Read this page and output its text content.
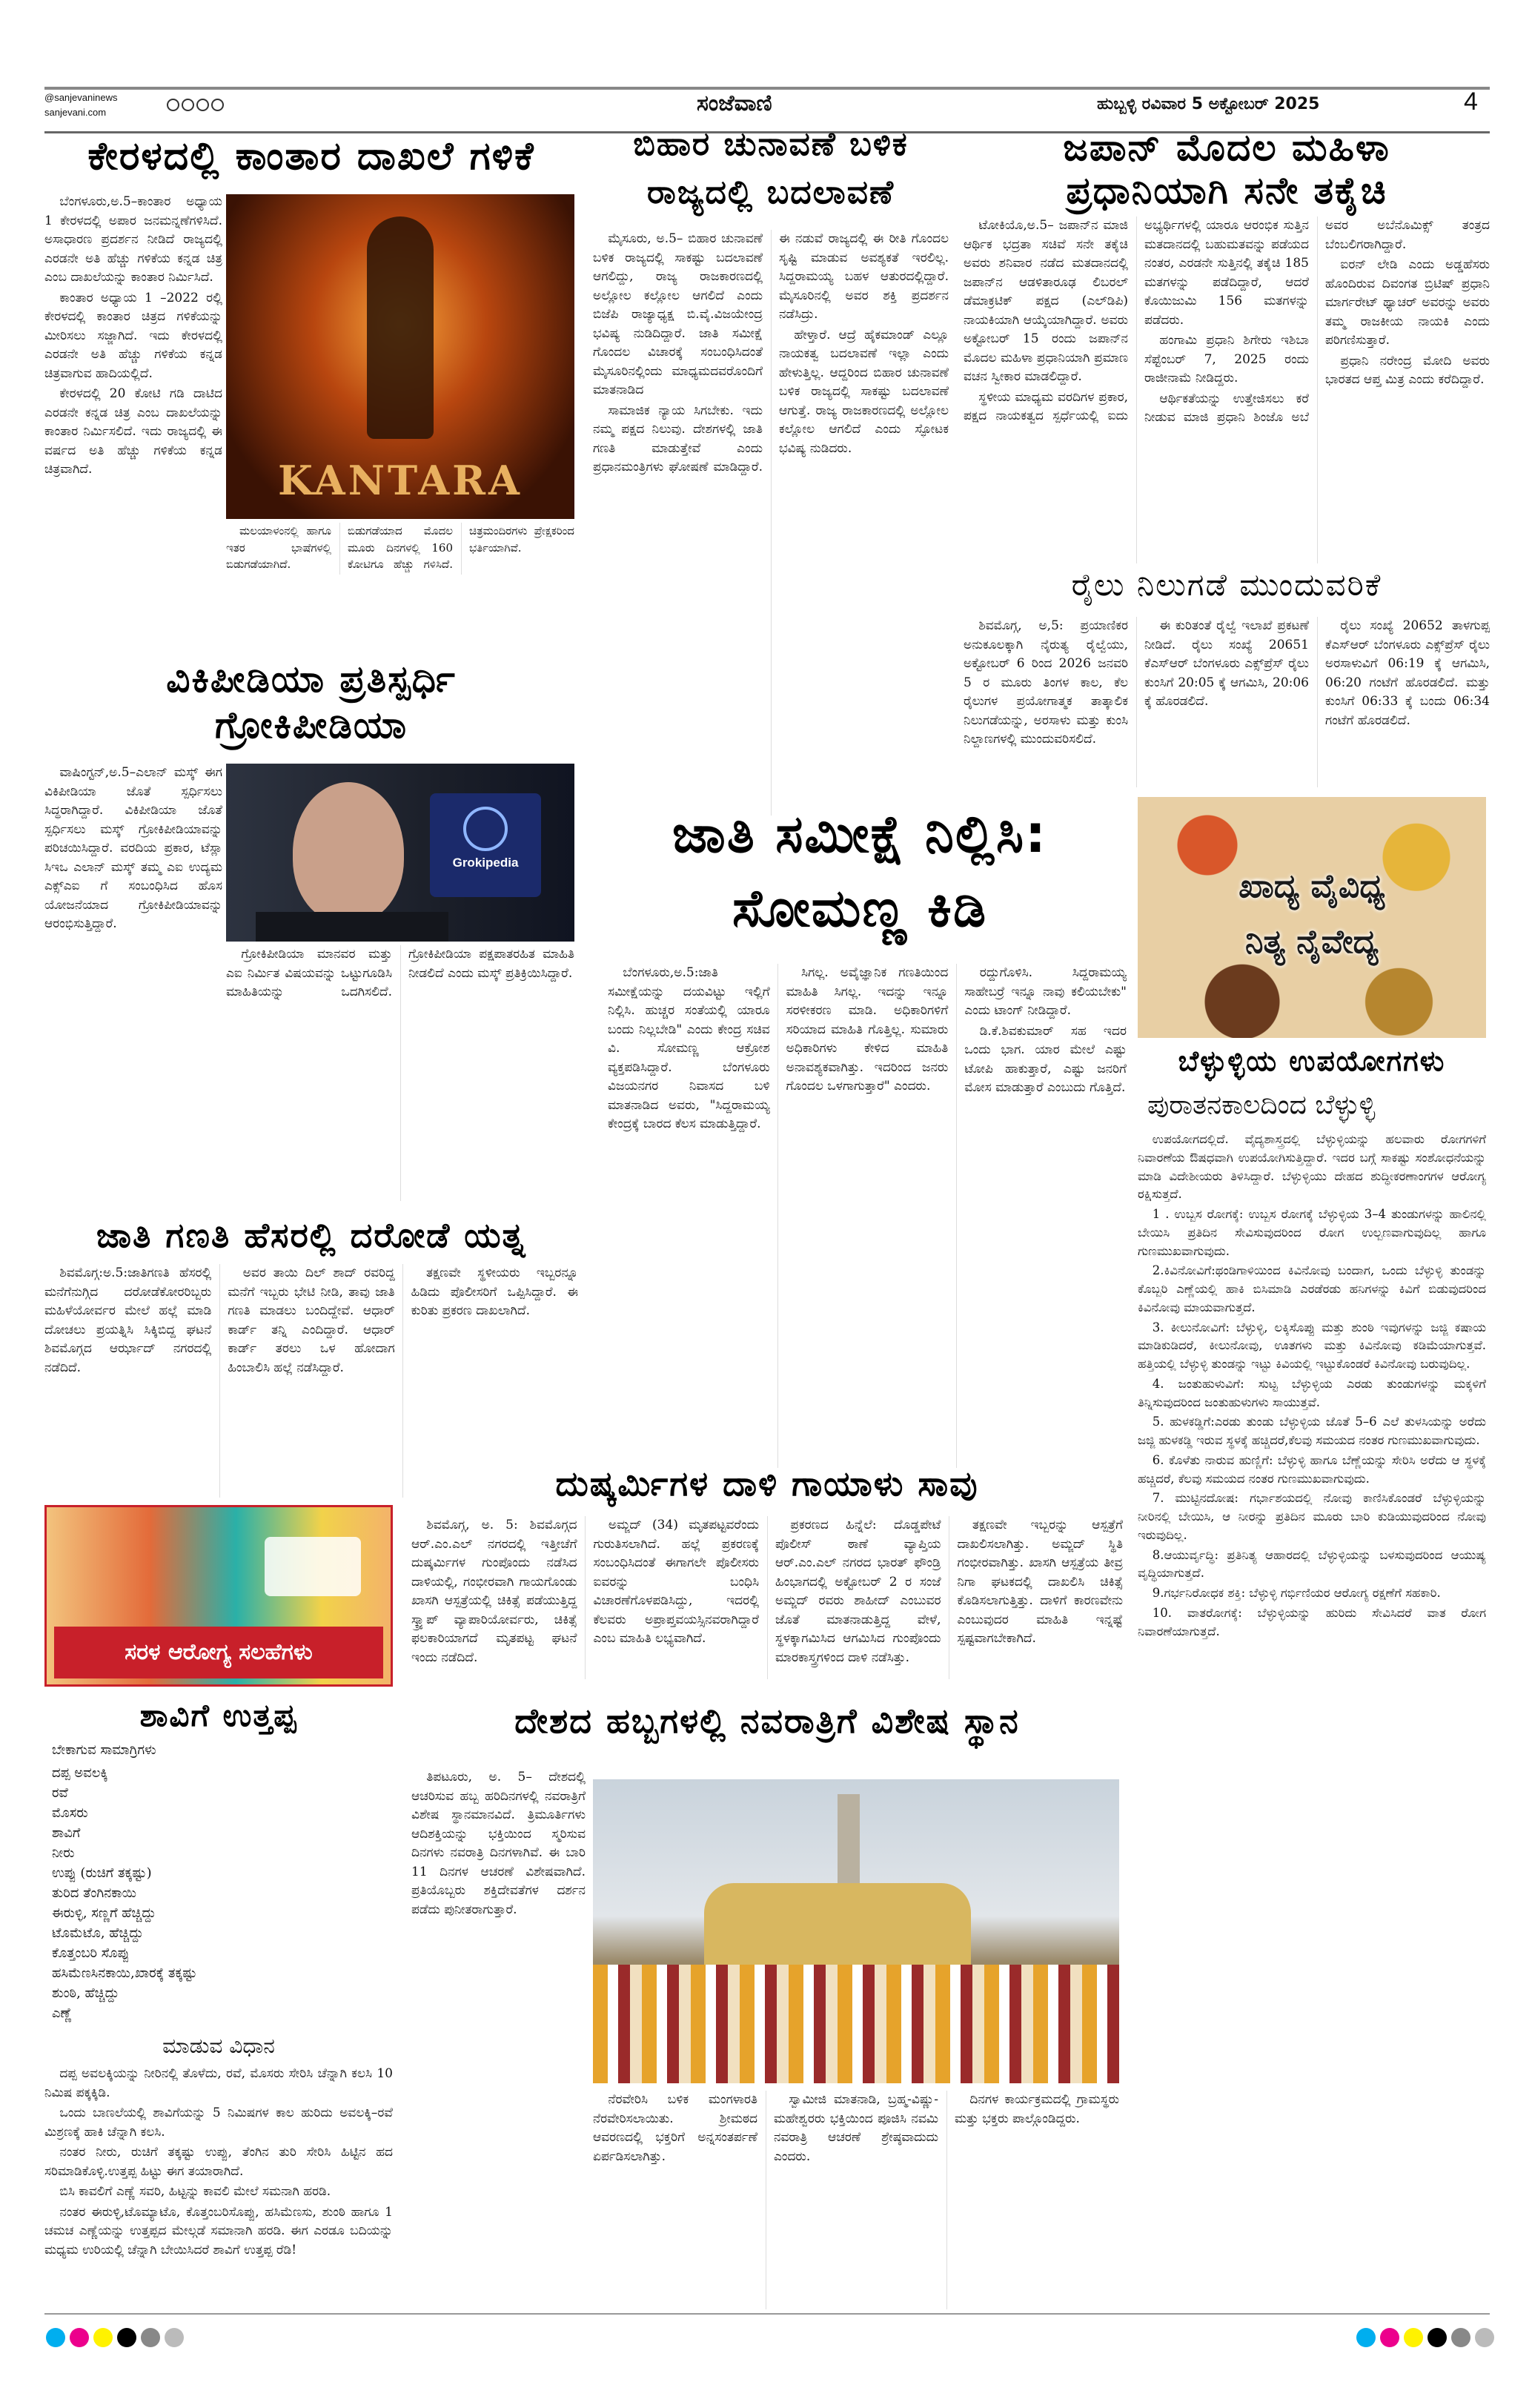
@sanjevaninews
sanjevani.com	ಸಂಜೆವಾಣಿ	ಹುಬ್ಬಳ್ಳಿ ರವಿವಾರ 5 ಅಕ್ಟೋಬರ್ 2025	4
ಕೇರಳದಲ್ಲಿ ಕಾಂತಾರ ದಾಖಲೆ ಗಳಿಕೆ

ಬೆಂಗಳೂರು,ಅ.5–ಕಾಂತಾರ ಅಧ್ಯಾಯ 1 ಕೇರಳದಲ್ಲಿ ಅಪಾರ ಜನಮನ್ನಣೆಗಳಿಸಿದೆ. ಅಸಾಧಾರಣ ಪ್ರದರ್ಶನ ನೀಡಿದೆ ರಾಜ್ಯದಲ್ಲಿ ಎರಡನೇ ಅತಿ ಹೆಚ್ಚು ಗಳಿಕೆಯ ಕನ್ನಡ ಚಿತ್ರ ಎಂಬ ದಾಖಲೆಯನ್ನು ಕಾಂತಾರ ನಿರ್ಮಿಸಿದೆ.

ಕಾಂತಾರ ಅಧ್ಯಾಯ 1 –2022 ರಲ್ಲಿ ಕೇರಳದಲ್ಲಿ ಕಾಂತಾರ ಚಿತ್ರದ ಗಳಿಕೆಯನ್ನು ಮೀರಿಸಲು ಸಜ್ಜಾಗಿದೆ. ಇದು ಕೇರಳದಲ್ಲಿ ಎರಡನೇ ಅತಿ ಹೆಚ್ಚು ಗಳಿಕೆಯ ಕನ್ನಡ ಚಿತ್ರವಾಗುವ ಹಾದಿಯಲ್ಲಿದೆ.

ಕೇರಳದಲ್ಲಿ 20 ಕೋಟಿ ಗಡಿ ದಾಟಿದ ಎರಡನೇ ಕನ್ನಡ ಚಿತ್ರ ಎಂಬ ದಾಖಲೆಯನ್ನು ಕಾಂತಾರ ನಿರ್ಮಿಸಲಿದೆ. ಇದು ರಾಜ್ಯದಲ್ಲಿ ಈ ವರ್ಷದ ಅತಿ ಹೆಚ್ಚು ಗಳಿಕೆಯ ಕನ್ನಡ ಚಿತ್ರವಾಗಿದೆ.	KANTARA

ಮಲಯಾಳಂನಲ್ಲಿ ಹಾಗೂ ಇತರ ಭಾಷೆಗಳಲ್ಲಿ ಬಿಡುಗಡೆಯಾಗಿದೆ. ಬಿಡುಗಡೆಯಾದ ಮೊದಲ ಮೂರು ದಿನಗಳಲ್ಲಿ 160 ಕೋಟಿಗೂ ಹೆಚ್ಚು ಗಳಿಸಿದೆ. ಚಿತ್ರಮಂದಿರಗಳು ಪ್ರೇಕ್ಷಕರಿಂದ ಭರ್ತಿಯಾಗಿವೆ.

ವಿಕಿಪೀಡಿಯಾ ಪ್ರತಿಸ್ಪರ್ಧಿ
ಗ್ರೋಕಿಪೀಡಿಯಾ

ವಾಷಿಂಗ್ಟನ್,ಅ.5–ಎಲಾನ್ ಮಸ್ಕ್ ಈಗ ವಿಕಿಪೀಡಿಯಾ ಜೊತೆ ಸ್ಪರ್ಧಿಸಲು ಸಿದ್ಧರಾಗಿದ್ದಾರೆ. ವಿಕಿಪೀಡಿಯಾ ಜೊತೆ ಸ್ಪರ್ಧಿಸಲು ಮಸ್ಕ್ ಗ್ರೋಕಿಪೀಡಿಯಾವನ್ನು ಪರಿಚಯಿಸಿದ್ದಾರೆ. ವರದಿಯ ಪ್ರಕಾರ, ಟೆಸ್ಲಾ ಸಿಇಒ ಎಲಾನ್ ಮಸ್ಕ್ ತಮ್ಮ ಎಐ ಉದ್ಯಮ ಎಕ್ಸ್‌ಎಐ ಗೆ ಸಂಬಂಧಿಸಿದ ಹೊಸ ಯೋಜನೆಯಾದ ಗ್ರೋಕಿಪೀಡಿಯಾವನ್ನು ಆರಂಭಿಸುತ್ತಿದ್ದಾರೆ.

Grokipedia

ಗ್ರೋಕಿಪೀಡಿಯಾ ಮಾನವರ ಮತ್ತು ಎಐ ನಿರ್ಮಿತ ವಿಷಯವನ್ನು ಒಟ್ಟುಗೂಡಿಸಿ ಮಾಹಿತಿಯನ್ನು ಒದಗಿಸಲಿದೆ. ಗ್ರೋಕಿಪೀಡಿಯಾ ಪಕ್ಷಪಾತರಹಿತ ಮಾಹಿತಿ ನೀಡಲಿದೆ ಎಂದು ಮಸ್ಕ್ ಪ್ರತಿಕ್ರಿಯಿಸಿದ್ದಾರೆ.

ಜಾತಿ ಗಣತಿ ಹೆಸರಲ್ಲಿ ದರೋಡೆ ಯತ್ನ

ಶಿವಮೊಗ್ಗ:ಅ.5:ಜಾತಿಗಣತಿ ಹೆಸರಲ್ಲಿ ಮನೆಗೆನುಗ್ಗಿದ ದರೋಡೆಕೋರರಿಬ್ಬರು ಮಹಿಳೆಯೋರ್ವರ ಮೇಲೆ ಹಲ್ಲೆ ಮಾಡಿ ದೋಚಲು ಪ್ರಯತ್ನಿಸಿ ಸಿಕ್ಕಿಬಿದ್ದ ಘಟನೆ ಶಿವಮೊಗ್ಗದ ಆರ್ಝಾದ್ ನಗರದಲ್ಲಿ ನಡೆದಿದೆ.

ಅವರ ತಾಯಿ ದಿಲ್ ಶಾದ್ ರವರಿದ್ದ ಮನೆಗೆ ಇಬ್ಬರು ಭೇಟಿ ನೀಡಿ, ತಾವು ಜಾತಿ ಗಣತಿ ಮಾಡಲು ಬಂದಿದ್ದೇವೆ. ಆಧಾರ್ ಕಾರ್ಡ್ ತನ್ನಿ ಎಂದಿದ್ದಾರೆ. ಆಧಾರ್ ಕಾರ್ಡ್ ತರಲು ಒಳ ಹೋದಾಗ ಹಿಂಬಾಲಿಸಿ ಹಲ್ಲೆ ನಡೆಸಿದ್ದಾರೆ.

ತಕ್ಷಣವೇ ಸ್ಥಳೀಯರು ಇಬ್ಬರನ್ನೂ ಹಿಡಿದು ಪೊಲೀಸರಿಗೆ ಒಪ್ಪಿಸಿದ್ದಾರೆ. ಈ ಕುರಿತು ಪ್ರಕರಣ ದಾಖಲಾಗಿದೆ.

ಸರಳ ಆರೋಗ್ಯ ಸಲಹೆಗಳು
ಶಾವಿಗೆ ಉತ್ತಪ್ಪ
ಬೇಕಾಗುವ ಸಾಮಾಗ್ರಿಗಳು
ದಪ್ಪ ಅವಲಕ್ಕಿ
ರವೆ
ಮೊಸರು
ಶಾವಿಗೆ
ನೀರು
ಉಪ್ಪು (ರುಚಿಗೆ ತಕ್ಕಷ್ಟು)
ತುರಿದ ತೆಂಗಿನಕಾಯಿ
ಈರುಳ್ಳಿ, ಸಣ್ಣಗೆ ಹೆಚ್ಚಿದ್ದು
ಟೊಮೆಟೊ, ಹೆಚ್ಚಿದ್ದು
ಕೊತ್ತಂಬರಿ ಸೊಪ್ಪು
ಹಸಿಮೆಣಸಿನಕಾಯಿ,ಖಾರಕ್ಕೆ ತಕ್ಕಷ್ಟು
ಶುಂಠಿ, ಹೆಚ್ಚಿದ್ದು
ಎಣ್ಣೆ
ಮಾಡುವ ವಿಧಾನ

ದಪ್ಪ ಅವಲಕ್ಕಿಯನ್ನು ನೀರಿನಲ್ಲಿ ತೊಳೆದು, ರವೆ, ಮೊಸರು ಸೇರಿಸಿ ಚೆನ್ನಾಗಿ ಕಲಸಿ 10 ನಿಮಿಷ ಪಕ್ಕಕ್ಕಿಡಿ.

ಒಂದು ಬಾಣಲೆಯಲ್ಲಿ ಶಾವಿಗೆಯನ್ನು 5 ನಿಮಿಷಗಳ ಕಾಲ ಹುರಿದು ಅವಲಕ್ಕಿ–ರವೆ ಮಿಶ್ರಣಕ್ಕೆ ಹಾಕಿ ಚೆನ್ನಾಗಿ ಕಲಸಿ.

ನಂತರ ನೀರು, ರುಚಿಗೆ ತಕ್ಕಷ್ಟು ಉಪ್ಪು, ತೆಂಗಿನ ತುರಿ ಸೇರಿಸಿ ಹಿಟ್ಟಿನ ಹದ ಸರಿಮಾಡಿಕೊಳ್ಳಿ.ಉತ್ತಪ್ಪ ಹಿಟ್ಟು ಈಗ ತಯಾರಾಗಿದೆ.

ಬಿಸಿ ಕಾವಲಿಗೆ ಎಣ್ಣೆ ಸವರಿ, ಹಿಟ್ಟನ್ನು ಕಾವಲಿ ಮೇಲೆ ಸಮನಾಗಿ ಹರಡಿ.

ನಂತರ ಈರುಳ್ಳಿ,ಟೊಮ್ಯಾಟೊ, ಕೊತ್ತಂಬರಿಸೊಪ್ಪು, ಹಸಿಮೆಣಸು, ಶುಂಠಿ ಹಾಗೂ 1 ಚಮಚ ಎಣ್ಣೆಯನ್ನು ಉತ್ತಪ್ಪದ ಮೇಲ್ಗಡೆ ಸಮಾನಾಗಿ ಹರಡಿ. ಈಗ ಎರಡೂ ಬದಿಯನ್ನು ಮಧ್ಯಮ ಉರಿಯಲ್ಲಿ ಚೆನ್ನಾಗಿ ಬೇಯಿಸಿದರೆ ಶಾವಿಗೆ ಉತ್ತಪ್ಪ ರೆಡಿ!

ಬಿಹಾರ ಚುನಾವಣೆ ಬಳಿಕ
ರಾಜ್ಯದಲ್ಲಿ ಬದಲಾವಣೆ

ಮೈಸೂರು, ಅ.5– ಬಿಹಾರ ಚುನಾವಣೆ ಬಳಿಕ ರಾಜ್ಯದಲ್ಲಿ ಸಾಕಷ್ಟು ಬದಲಾವಣೆ ಆಗಲಿದ್ದು, ರಾಜ್ಯ ರಾಜಕಾರಣದಲ್ಲಿ ಅಲ್ಲೋಲ ಕಲ್ಲೋಲ ಆಗಲಿದೆ ಎಂದು ಬಿಜೆಪಿ ರಾಜ್ಯಾಧ್ಯಕ್ಷ ಬಿ.ವೈ.ವಿಜಯೇಂದ್ರ ಭವಿಷ್ಯ ನುಡಿದಿದ್ದಾರೆ. ಜಾತಿ ಸಮೀಕ್ಷೆ ಗೊಂದಲ ವಿಚಾರಕ್ಕೆ ಸಂಬಂಧಿಸಿದಂತೆ ಮೈಸೂರಿನಲ್ಲಿಂದು ಮಾಧ್ಯಮದವರೊಂದಿಗೆ ಮಾತನಾಡಿದ

ಸಾಮಾಜಿಕ ನ್ಯಾಯ ಸಿಗಬೇಕು. ಇದು ನಮ್ಮ ಪಕ್ಷದ ನಿಲುವು. ದೇಶಗಳಲ್ಲಿ ಜಾತಿ ಗಣತಿ ಮಾಡುತ್ತೇವೆ ಎಂದು ಪ್ರಧಾನಮಂತ್ರಿಗಳು ಘೋಷಣೆ ಮಾಡಿದ್ದಾರೆ. ಈ ನಡುವೆ ರಾಜ್ಯದಲ್ಲಿ ಈ ರೀತಿ ಗೊಂದಲ ಸೃಷ್ಟಿ ಮಾಡುವ ಅವಶ್ಯಕತೆ ಇರಲಿಲ್ಲ. ಸಿದ್ದರಾಮಯ್ಯ ಬಹಳ ಆತುರದಲ್ಲಿದ್ದಾರೆ. ಮೈಸೂರಿನಲ್ಲಿ ಅವರ ಶಕ್ತಿ ಪ್ರದರ್ಶನ ನಡೆಸಿದ್ರು.

ಹೇಳ್ತಾರೆ. ಆದ್ರೆ ಹೈಕಮಾಂಡ್ ಎಲ್ಲೂ ನಾಯಕತ್ವ ಬದಲಾವಣೆ ಇಲ್ಲಾ ಎಂದು ಹೇಳುತ್ತಿಲ್ಲ. ಆದ್ದರಿಂದ ಬಿಹಾರ ಚುನಾವಣೆ ಬಳಿಕ ರಾಜ್ಯದಲ್ಲಿ ಸಾಕಷ್ಟು ಬದಲಾವಣೆ ಆಗುತ್ತೆ. ರಾಜ್ಯ ರಾಜಕಾರಣದಲ್ಲಿ ಅಲ್ಲೋಲ ಕಲ್ಲೋಲ ಆಗಲಿದೆ ಎಂದು ಸ್ಫೋಟಕ ಭವಿಷ್ಯ ನುಡಿದರು.

ಜಪಾನ್ ಮೊದಲ ಮಹಿಳಾ
ಪ್ರಧಾನಿಯಾಗಿ ಸನೇ ತಕೈಚಿ

ಟೋಕಿಯೊ,ಅ.5– ಜಪಾನ್‌ನ ಮಾಜಿ ಆರ್ಥಿಕ ಭದ್ರತಾ ಸಚಿವೆ ಸನೇ ತಕೈಚಿ ಅವರು ಶನಿವಾರ ನಡೆದ ಮತದಾನದಲ್ಲಿ ಜಪಾನ್‌ನ ಆಡಳಿತಾರೂಢ ಲಿಬರಲ್ ಡೆಮಾಕ್ರಟಿಕ್ ಪಕ್ಷದ (ಎಲ್‌ಡಿಪಿ) ನಾಯಕಿಯಾಗಿ ಆಯ್ಕೆಯಾಗಿದ್ದಾರೆ. ಅವರು ಅಕ್ಟೋಬರ್ 15 ರಂದು ಜಪಾನ್‌ನ ಮೊದಲ ಮಹಿಳಾ ಪ್ರಧಾನಿಯಾಗಿ ಪ್ರಮಾಣ ವಚನ ಸ್ವೀಕಾರ ಮಾಡಲಿದ್ದಾರೆ.

ಸ್ಥಳೀಯ ಮಾಧ್ಯಮ ವರದಿಗಳ ಪ್ರಕಾರ, ಪಕ್ಷದ ನಾಯಕತ್ವದ ಸ್ಪರ್ಧೆಯಲ್ಲಿ ಐದು ಅಭ್ಯರ್ಥಿಗಳಲ್ಲಿ ಯಾರೂ ಆರಂಭಿಕ ಸುತ್ತಿನ ಮತದಾನದಲ್ಲಿ ಬಹುಮತವನ್ನು ಪಡೆಯದ ನಂತರ, ಎರಡನೇ ಸುತ್ತಿನಲ್ಲಿ ತಕೈಚಿ 185 ಮತಗಳನ್ನು ಪಡೆದಿದ್ದಾರೆ, ಆದರೆ ಕೊಯಿಜುಮಿ 156 ಮತಗಳನ್ನು ಪಡೆದರು.

ಹಂಗಾಮಿ ಪ್ರಧಾನಿ ಶಿಗೇರು ಇಶಿಬಾ ಸೆಪ್ಟೆಂಬರ್ 7, 2025 ರಂದು ರಾಜೀನಾಮೆ ನೀಡಿದ್ದರು.

ಆರ್ಥಿಕತೆಯನ್ನು ಉತ್ತೇಜಿಸಲು ಕರೆ ನೀಡುವ ಮಾಜಿ ಪ್ರಧಾನಿ ಶಿಂಜೊ ಅಬೆ ಅವರ ಅಬೆನೊಮಿಕ್ಸ್ ತಂತ್ರದ ಬೆಂಬಲಿಗರಾಗಿದ್ದಾರೆ.

ಐರನ್ ಲೇಡಿ ಎಂದು ಅಡ್ಡಹೆಸರು ಹೊಂದಿರುವ ದಿವಂಗತ ಬ್ರಿಟಿಷ್ ಪ್ರಧಾನಿ ಮಾರ್ಗರೇಟ್ ಥ್ಯಾಚರ್ ಅವರನ್ನು ಅವರು ತಮ್ಮ ರಾಜಕೀಯ ನಾಯಕಿ ಎಂದು ಪರಿಗಣಿಸುತ್ತಾರೆ.

ಪ್ರಧಾನಿ ನರೇಂದ್ರ ಮೋದಿ ಅವರು ಭಾರತದ ಆಪ್ತ ಮಿತ್ರ ಎಂದು ಕರೆದಿದ್ದಾರೆ.

ರೈಲು ನಿಲುಗಡೆ ಮುಂದುವರಿಕೆ

ಶಿವಮೊಗ್ಗ, ಅ,5: ಪ್ರಯಾಣಿಕರ ಅನುಕೂಲಕ್ಕಾಗಿ ನೈರುತ್ಯ ರೈಲ್ವೆಯು, ಅಕ್ಟೋಬರ್ 6 ರಿಂದ 2026 ಜನವರಿ 5 ರ ಮೂರು ತಿಂಗಳ ಕಾಲ, ಕೆಲ ರೈಲುಗಳ ಪ್ರಯೋಗಾತ್ಮಕ ತಾತ್ಕಾಲಿಕ ನಿಲುಗಡೆಯನ್ನು, ಅರಸಾಳು ಮತ್ತು ಕುಂಸಿ ನಿಲ್ದಾಣಗಳಲ್ಲಿ ಮುಂದುವರಿಸಲಿದೆ.

ಈ ಕುರಿತಂತೆ ರೈಲ್ವೆ ಇಲಾಖೆ ಪ್ರಕಟಣೆ ನೀಡಿದೆ. ರೈಲು ಸಂಖ್ಯೆ 20651 ಕೆಎಸ್‌ಆರ್ ಬೆಂಗಳೂರು ಎಕ್ಸ್‌ಪ್ರೆಸ್ ರೈಲು ಕುಂಸಿಗೆ 20:05 ಕ್ಕೆ ಆಗಮಿಸಿ, 20:06 ಕ್ಕೆ ಹೊರಡಲಿದೆ.

ರೈಲು ಸಂಖ್ಯೆ 20652 ತಾಳಗುಪ್ಪ ಕೆಎಸ್‌ಆರ್ ಬೆಂಗಳೂರು ಎಕ್ಸ್‌ಪ್ರೆಸ್ ರೈಲು ಅರಸಾಳುವಿಗೆ 06:19 ಕ್ಕೆ ಆಗಮಿಸಿ, 06:20 ಗಂಟೆಗೆ ಹೊರಡಲಿದೆ. ಮತ್ತು ಕುಂಸಿಗೆ 06:33 ಕ್ಕೆ ಬಂದು 06:34 ಗಂಟೆಗೆ ಹೊರಡಲಿದೆ.

ಜಾತಿ ಸಮೀಕ್ಷೆ ನಿಲ್ಲಿಸಿ:
ಸೋಮಣ್ಣ ಕಿಡಿ

ಬೆಂಗಳೂರು,ಅ.5:ಜಾತಿ ಸಮೀಕ್ಷೆಯನ್ನು ದಯವಿಟ್ಟು ಇಲ್ಲಿಗೆ ನಿಲ್ಲಿಸಿ. ಹುಚ್ಚರ ಸಂತೆಯಲ್ಲಿ ಯಾರೂ ಬಂದು ನಿಲ್ಲಬೇಡಿ" ಎಂದು ಕೇಂದ್ರ ಸಚಿವ ವಿ. ಸೋಮಣ್ಣ ಆಕ್ರೋಶ ವ್ಯಕ್ತಪಡಿಸಿದ್ದಾರೆ. ಬೆಂಗಳೂರು ವಿಜಯನಗರ ನಿವಾಸದ ಬಳಿ ಮಾತನಾಡಿದ ಅವರು, "ಸಿದ್ದರಾಮಯ್ಯ ಕೇಂದ್ರಕ್ಕೆ ಬಾರದ ಕೆಲಸ ಮಾಡುತ್ತಿದ್ದಾರೆ.

ಸಿಗಲ್ಲ. ಅವೈಜ್ಞಾನಿಕ ಗಣತಿಯಿಂದ ಮಾಹಿತಿ ಸಿಗಲ್ಲ. ಇದನ್ನು ಇನ್ನೂ ಸರಳೀಕರಣ ಮಾಡಿ. ಅಧಿಕಾರಿಗಳಿಗೆ ಸರಿಯಾದ ಮಾಹಿತಿ ಗೊತ್ತಿಲ್ಲ. ಸುಮಾರು ಅಧಿಕಾರಿಗಳು ಕೇಳಿದ ಮಾಹಿತಿ ಅನಾವಶ್ಯಕವಾಗಿತ್ತು. ಇದರಿಂದ ಜನರು ಗೊಂದಲ ಒಳಗಾಗುತ್ತಾರೆ" ಎಂದರು.

ರದ್ದುಗೊಳಿಸಿ. ಸಿದ್ದರಾಮಯ್ಯ ಸಾಹೇಬರ್ರೆ ಇನ್ನೂ ನಾವು ಕಲಿಯಬೇಕು" ಎಂದು ಟಾಂಗ್ ನೀಡಿದ್ದಾರೆ.

ಡಿ.ಕೆ.ಶಿವಕುಮಾರ್ ಸಹ ಇದರ ಒಂದು ಭಾಗ. ಯಾರ ಮೇಲೆ ಎಷ್ಟು ಟೋಪಿ ಹಾಕುತ್ತಾರೆ, ಎಷ್ಟು ಜನರಿಗೆ ಮೋಸ ಮಾಡುತ್ತಾರೆ ಎಂಬುದು ಗೊತ್ತಿದೆ.

ಖಾದ್ಯ ವೈವಿಧ್ಯ
ನಿತ್ಯ ನೈವೇದ್ಯ
ಬೆಳ್ಳುಳ್ಳಿಯ ಉಪಯೋಗಗಳು
ಪುರಾತನಕಾಲದಿಂದ ಬೆಳ್ಳುಳ್ಳಿ

ಉಪಯೋಗದಲ್ಲಿದೆ. ವೈದ್ಯಶಾಸ್ತ್ರದಲ್ಲಿ ಬೆಳ್ಳುಳ್ಳಿಯನ್ನು ಹಲವಾರು ರೋಗಗಳಿಗೆ ನಿವಾರಣೆಯ ಔಷಧವಾಗಿ ಉಪಯೋಗಿಸುತ್ತಿದ್ದಾರೆ. ಇದರ ಬಗ್ಗೆ ಸಾಕಷ್ಟು ಸಂಶೋಧನೆಯನ್ನು ಮಾಡಿ ವಿದೇಶೀಯರು ತಿಳಿಸಿದ್ದಾರೆ. ಬೆಳ್ಳುಳ್ಳಿಯು ದೇಹದ ಶುದ್ಧೀಕರಣಾಂಗಗಳ ಆರೋಗ್ಯ ರಕ್ಷಿಸುತ್ತದೆ.

1 . ಉಬ್ಬಸ ರೋಗಕ್ಕೆ: ಉಬ್ಬಸ ರೋಗಕ್ಕೆ ಬೆಳ್ಳುಳ್ಳಿಯ 3–4 ತುಂಡುಗಳನ್ನು ಹಾಲಿನಲ್ಲಿ ಬೇಯಿಸಿ ಪ್ರತಿದಿನ ಸೇವಿಸುವುದರಿಂದ ರೋಗ ಉಲ್ಬಣವಾಗುವುದಿಲ್ಲ ಹಾಗೂ ಗುಣಮುಖವಾಗುವುದು.

2.ಕಿವಿನೋವಿಗೆ:ಥಂಡಿಗಾಳಿಯಿಂದ ಕಿವಿನೋವು ಬಂದಾಗ, ಒಂದು ಬೆಳ್ಳುಳ್ಳಿ ತುಂಡನ್ನು ಕೊಬ್ಬರಿ ಎಣ್ಣೆಯಲ್ಲಿ ಹಾಕಿ ಬಿಸಿಮಾಡಿ ಎರಡೆರಡು ಹನಿಗಳನ್ನು ಕಿವಿಗೆ ಬಿಡುವುದರಿಂದ ಕಿವಿನೋವು ಮಾಯವಾಗುತ್ತದೆ.

3. ಕೀಲುನೋವಿಗೆ: ಬೆಳ್ಳುಳ್ಳಿ, ಲಕ್ಕಿಸೊಪ್ಪು ಮತ್ತು ಶುಂಠಿ ಇವುಗಳನ್ನು ಜಜ್ಜಿ ಕಷಾಯ ಮಾಡಿಕುಡಿದರೆ, ಕೀಲುನೋವು, ಊತಗಳು ಮತ್ತು ಕಿವಿನೋವು ಕಡಿಮೆಯಾಗುತ್ತವೆ. ಹತ್ತಿಯಲ್ಲಿ ಬೆಳ್ಳುಳ್ಳಿ ತುಂಡನ್ನು ಇಟ್ಟು ಕಿವಿಯಲ್ಲಿ ಇಟ್ಟುಕೊಂಡರೆ ಕಿವಿನೋವು ಬರುವುದಿಲ್ಲ.

4. ಜಂತುಹುಳುವಿಗೆ: ಸುಟ್ಟ ಬೆಳ್ಳುಳ್ಳಿಯ ಎರಡು ತುಂಡುಗಳನ್ನು ಮಕ್ಕಳಿಗೆ ತಿನ್ನಿಸುವುದರಿಂದ ಜಂತುಹುಳುಗಳು ಸಾಯುತ್ತವೆ.

5. ಹುಳಕಡ್ಡಿಗೆ:ಎರಡು ತುಂಡು ಬೆಳ್ಳುಳ್ಳಿಯ ಜೊತೆ 5–6 ಎಲೆ ತುಳಸಿಯನ್ನು ಅರೆದು ಜಜ್ಜಿ ಹುಳಕಡ್ಡಿ ಇರುವ ಸ್ಥಳಕ್ಕೆ ಹಚ್ಚಿದರೆ,ಕೆಲವು ಸಮಯದ ನಂತರ ಗುಣಮುಖವಾಗುವುದು.

6. ಕೊಳೆತು ನಾರುವ ಹುಣ್ಣಿಗೆ: ಬೆಳ್ಳುಳ್ಳಿ ಹಾಗೂ ಬೆಣ್ಣೆಯನ್ನು ಸೇರಿಸಿ ಅರೆದು ಆ ಸ್ಥಳಕ್ಕೆ ಹಚ್ಚಿದರೆ, ಕೆಲವು ಸಮಯದ ನಂತರ ಗುಣಮುಖವಾಗುವುದು.

7. ಮುಟ್ಟಿನದೋಷ: ಗರ್ಭಾಶಯದಲ್ಲಿ ನೋವು ಕಾಣಿಸಿಕೊಂಡರೆ ಬೆಳ್ಳುಳ್ಳಿಯನ್ನು ನೀರಿನಲ್ಲಿ ಬೇಯಿಸಿ, ಆ ನೀರನ್ನು ಪ್ರತಿದಿನ ಮೂರು ಬಾರಿ ಕುಡಿಯುವುದರಿಂದ ನೋವು ಇರುವುದಿಲ್ಲ.

8.ಆಯುರ್ವೃದ್ಧಿ: ಪ್ರತಿನಿತ್ಯ ಆಹಾರದಲ್ಲಿ ಬೆಳ್ಳುಳ್ಳಿಯನ್ನು ಬಳಸುವುದರಿಂದ ಆಯುಷ್ಯ ವೃದ್ಧಿಯಾಗುತ್ತದೆ.

9.ಗರ್ಭನಿರೋಧಕ ಶಕ್ತಿ: ಬೆಳ್ಳುಳ್ಳಿ ಗರ್ಭಿಣಿಯರ ಆರೋಗ್ಯ ರಕ್ಷಣೆಗೆ ಸಹಕಾರಿ.

10. ವಾತರೋಗಕ್ಕೆ: ಬೆಳ್ಳುಳ್ಳಿಯನ್ನು ಹುರಿದು ಸೇವಿಸಿದರೆ ವಾತ ರೋಗ ನಿವಾರಣೆಯಾಗುತ್ತದೆ.

ದುಷ್ಕರ್ಮಿಗಳ ದಾಳಿ ಗಾಯಾಳು ಸಾವು

ಶಿವಮೊಗ್ಗ, ಅ. 5: ಶಿವಮೊಗ್ಗದ ಆರ್.ಎಂ.ಎಲ್ ನಗರದಲ್ಲಿ ಇತ್ತೀಚೆಗೆ ದುಷ್ಕರ್ಮಿಗಳ ಗುಂಪೊಂದು ನಡೆಸಿದ ದಾಳಿಯಲ್ಲಿ, ಗಂಭೀರವಾಗಿ ಗಾಯಗೊಂಡು ಖಾಸಗಿ ಆಸ್ಪತ್ರೆಯಲ್ಲಿ ಚಿಕಿತ್ಸೆ ಪಡೆಯುತ್ತಿದ್ದ ಸ್ಕ್ರ್ಯಾಪ್ ವ್ಯಾಪಾರಿಯೋರ್ವರು, ಚಿಕಿತ್ಸೆ ಫಲಕಾರಿಯಾಗದೆ ಮೃತಪಟ್ಟ ಘಟನೆ ಇಂದು ನಡೆದಿದೆ.

ಅಮ್ಜದ್ (34) ಮೃತಪಟ್ಟವರೆಂದು ಗುರುತಿಸಲಾಗಿದೆ. ಹಲ್ಲೆ ಪ್ರಕರಣಕ್ಕೆ ಸಂಬಂಧಿಸಿದಂತೆ ಈಗಾಗಲೇ ಪೊಲೀಸರು ಐವರನ್ನು ಬಂಧಿಸಿ ವಿಚಾರಣೆಗೊಳಪಡಿಸಿದ್ದು, ಇದರಲ್ಲಿ ಕೆಲವರು ಅಪ್ರಾಪ್ತವಯಸ್ಸಿನವರಾಗಿದ್ದಾರೆ ಎಂಬ ಮಾಹಿತಿ ಲಭ್ಯವಾಗಿದೆ.

ಪ್ರಕರಣದ ಹಿನ್ನೆಲೆ: ದೊಡ್ಡಪೇಟೆ ಪೊಲೀಸ್ ಠಾಣೆ ವ್ಯಾಪ್ತಿಯ ಆರ್.ಎಂ.ಎಲ್ ನಗರದ ಭಾರತ್ ಫೌಂಡ್ರಿ ಹಿಂಭಾಗದಲ್ಲಿ ಅಕ್ಟೋಬರ್ 2 ರ ಸಂಜೆ ಅಮ್ಜದ್ ರವರು ಶಾಹೀದ್ ಎಂಬುವರ ಜೊತೆ ಮಾತನಾಡುತ್ತಿದ್ದ ವೇಳೆ, ಸ್ಥಳಕ್ಕಾಗಮಿಸಿದ ಆಗಮಿಸಿದ ಗುಂಪೊಂದು ಮಾರಕಾಸ್ತ್ರಗಳಿಂದ ದಾಳಿ ನಡೆಸಿತ್ತು.

ತಕ್ಷಣವೇ ಇಬ್ಬರನ್ನು ಆಸ್ಪತ್ರೆಗೆ ದಾಖಲಿಸಲಾಗಿತ್ತು. ಅಮ್ಜದ್ ಸ್ಥಿತಿ ಗಂಭೀರವಾಗಿತ್ತು. ಖಾಸಗಿ ಆಸ್ಪತ್ರೆಯ ತೀವ್ರ ನಿಗಾ ಘಟಕದಲ್ಲಿ ದಾಖಲಿಸಿ ಚಿಕಿತ್ಸೆ ಕೊಡಿಸಲಾಗುತ್ತಿತ್ತು. ದಾಳಿಗೆ ಕಾರಣವೇನು ಎಂಬುವುದರ ಮಾಹಿತಿ ಇನ್ನಷ್ಟೆ ಸ್ಪಷ್ಟವಾಗಬೇಕಾಗಿದೆ.

ದೇಶದ ಹಬ್ಬಗಳಲ್ಲಿ ನವರಾತ್ರಿಗೆ ವಿಶೇಷ ಸ್ಥಾನ

ತಿಪಟೂರು, ಅ. 5– ದೇಶದಲ್ಲಿ ಆಚರಿಸುವ ಹಬ್ಬ ಹರಿದಿನಗಳಲ್ಲಿ ನವರಾತ್ರಿಗೆ ವಿಶೇಷ ಸ್ಥಾನಮಾನವಿದೆ. ತ್ರಿಮೂರ್ತಿಗಳು ಆದಿಶಕ್ತಿಯನ್ನು ಭಕ್ತಿಯಿಂದ ಸ್ಮರಿಸುವ ದಿನಗಳು ನವರಾತ್ರಿ ದಿನಗಳಾಗಿವೆ. ಈ ಬಾರಿ 11 ದಿನಗಳ ಆಚರಣೆ ವಿಶೇಷವಾಗಿದೆ. ಪ್ರತಿಯೊಬ್ಬರು ಶಕ್ತಿದೇವತೆಗಳ ದರ್ಶನ ಪಡೆದು ಪುನೀತರಾಗುತ್ತಾರೆ.

ನೆರವೇರಿಸಿ ಬಳಿಕ ಮಂಗಳಾರತಿ ನೆರವೇರಿಸಲಾಯಿತು. ಶ್ರೀಮಠದ ಆವರಣದಲ್ಲಿ ಭಕ್ತರಿಗೆ ಅನ್ನಸಂತರ್ಪಣೆ ಏರ್ಪಡಿಸಲಾಗಿತ್ತು.

ಸ್ವಾಮೀಜಿ ಮಾತನಾಡಿ, ಬ್ರಹ್ಮ-ವಿಷ್ಣು-ಮಹೇಶ್ವರರು ಭಕ್ತಿಯಿಂದ ಪೂಜಿಸಿ ನವಮಿ ನವರಾತ್ರಿ ಆಚರಣೆ ಶ್ರೇಷ್ಠವಾದುದು ಎಂದರು.

ದಿನಗಳ ಕಾರ್ಯಕ್ರಮದಲ್ಲಿ ಗ್ರಾಮಸ್ಥರು ಮತ್ತು ಭಕ್ತರು ಪಾಲ್ಗೊಂಡಿದ್ದರು.
